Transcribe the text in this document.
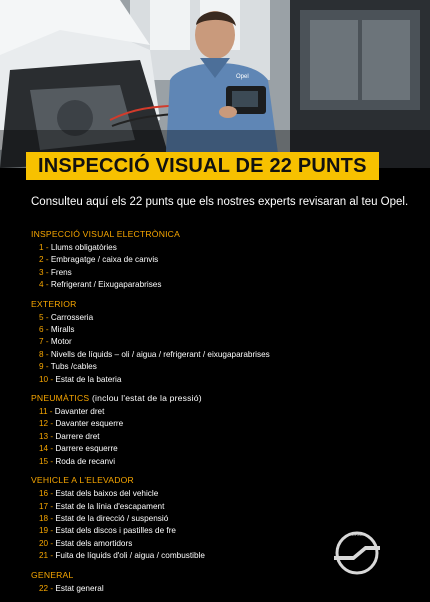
Opel
INSPECCIÓ VISUAL DE 22 PUNTS
Consulteu aquí els 22 punts que els nostres experts revisaran al teu Opel.
INSPECCIÓ VISUAL ELECTRÒNICA
1 - Llums obligatòries
2 - Embragatge / caixa de canvis
3 - Frens
4 - Refrigerant / Eixugaparabrises
EXTERIOR
5 - Carrosseria
6 - Miralls
7 - Motor
8 - Nivells de líquids – oli / aigua / refrigerant / eixugaparabrises
9 - Tubs /cables
10 - Estat de la bateria
PNEUMÀTICS (inclou l'estat de la pressió)
11 - Davanter dret
12 - Davanter esquerre
13 - Darrere dret
14 - Darrere esquerre
15 - Roda de recanvi
VEHICLE A L'ELEVADOR
16 - Estat dels baixos del vehicle
17 - Estat de la línia d'escapament
18 - Estat de la direcció / suspensió
19 - Estat dels discos i pastilles de fre
20 - Estat dels amortidors
21 - Fuita de líquids d'oli / aigua / combustible
GENERAL
22 - Estat general
OPEL
